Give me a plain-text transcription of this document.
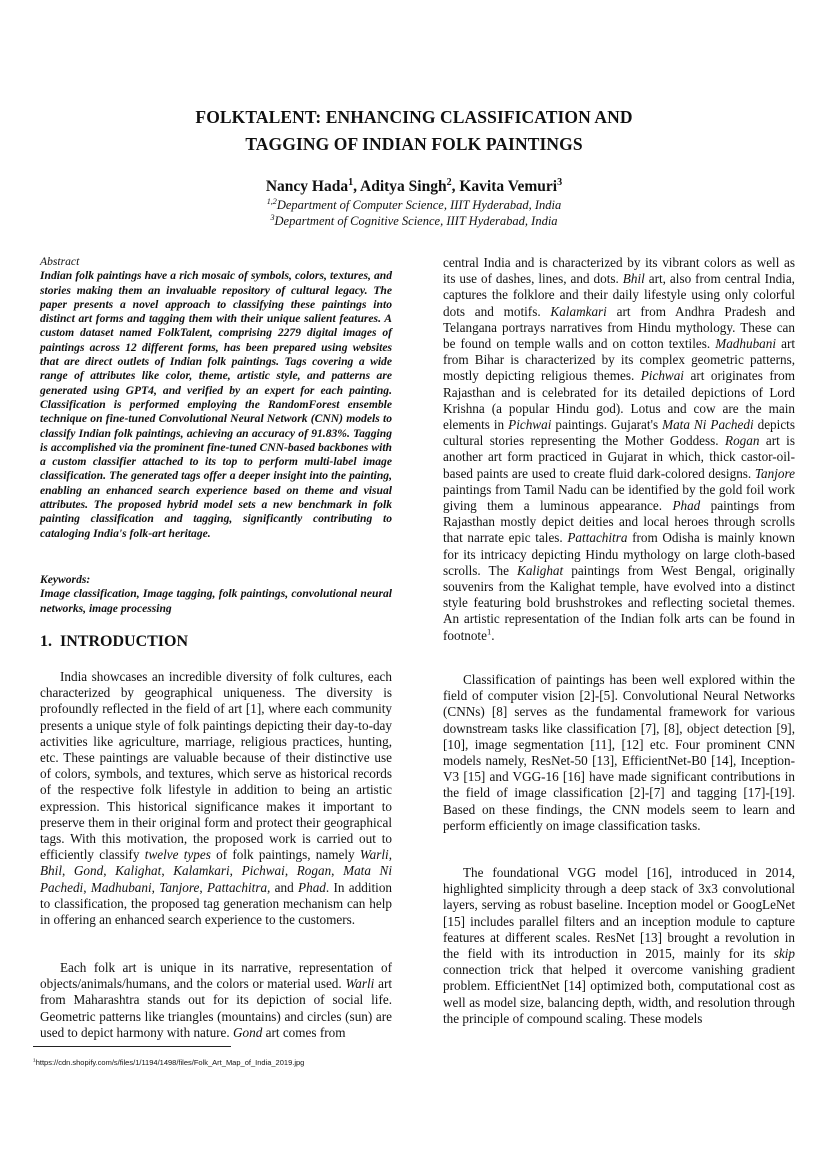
FOLKTALENT: ENHANCING CLASSIFICATION AND
TAGGING OF INDIAN FOLK PAINTINGS
Nancy Hada$^1$, Aditya Singh$^2$, Kavita Vemuri$^3$
$^{1,2}$Department of Computer Science, IIIT Hyderabad, India
$^3$Department of Cognitive Science, IIIT Hyderabad, India

Abstract

Indian folk paintings have a rich mosaic of symbols, colors, textures, and stories making them an invaluable repository of cultural legacy. The paper presents a novel approach to classifying these paintings into distinct art forms and tagging them with their unique salient features. A custom dataset named FolkTalent, comprising 2279 digital images of paintings across 12 different forms, has been prepared using websites that are direct outlets of Indian folk paintings. Tags covering a wide range of attributes like color, theme, artistic style, and patterns are generated using GPT4, and verified by an expert for each painting. Classification is performed employing the RandomForest ensemble technique on fine-tuned Convolutional Neural Network (CNN) models to classify Indian folk paintings, achieving an accuracy of 91.83%. Tagging is accomplished via the prominent fine-tuned CNN-based backbones with a custom classifier attached to its top to perform multi-label image classification. The generated tags offer a deeper insight into the painting, enabling an enhanced search experience based on theme and visual attributes. The proposed hybrid model sets a new benchmark in folk painting classification and tagging, significantly contributing to cataloging India's folk-art heritage.

Keywords:

Image classification, Image tagging, folk paintings, convolutional neural networks, image processing

1. INTRODUCTION

India showcases an incredible diversity of folk cultures, each characterized by geographical uniqueness. The diversity is profoundly reflected in the field of art [1], where each community presents a unique style of folk paintings depicting their day-to-day activities like agriculture, marriage, religious practices, hunting, etc. These paintings are valuable because of their distinctive use of colors, symbols, and textures, which serve as historical records of the respective folk lifestyle in addition to being an artistic expression. This historical significance makes it important to preserve them in their original form and protect their geographical tags. With this motivation, the proposed work is carried out to efficiently classify twelve types of folk paintings, namely Warli, Bhil, Gond, Kalighat, Kalamkari, Pichwai, Rogan, Mata Ni Pachedi, Madhubani, Tanjore, Pattachitra, and Phad. In addition to classification, the proposed tag generation mechanism can help in offering an enhanced search experience to the customers.

Each folk art is unique in its narrative, representation of objects/animals/humans, and the colors or material used. Warli art from Maharashtra stands out for its depiction of social life. Geometric patterns like triangles (mountains) and circles (sun) are used to depict harmony with nature. Gond art comes from

central India and is characterized by its vibrant colors as well as its use of dashes, lines, and dots. Bhil art, also from central India, captures the folklore and their daily lifestyle using only colorful dots and motifs. Kalamkari art from Andhra Pradesh and Telangana portrays narratives from Hindu mythology. These can be found on temple walls and on cotton textiles. Madhubani art from Bihar is characterized by its complex geometric patterns, mostly depicting religious themes. Pichwai art originates from Rajasthan and is celebrated for its detailed depictions of Lord Krishna (a popular Hindu god). Lotus and cow are the main elements in Pichwai paintings. Gujarat's Mata Ni Pachedi depicts cultural stories representing the Mother Goddess. Rogan art is another art form practiced in Gujarat in which, thick castor-oil-based paints are used to create fluid dark-colored designs. Tanjore paintings from Tamil Nadu can be identified by the gold foil work giving them a luminous appearance. Phad paintings from Rajasthan mostly depict deities and local heroes through scrolls that narrate epic tales. Pattachitra from Odisha is mainly known for its intricacy depicting Hindu mythology on large cloth-based scrolls. The Kalighat paintings from West Bengal, originally souvenirs from the Kalighat temple, have evolved into a distinct style featuring bold brushstrokes and reflecting societal themes. An artistic representation of the Indian folk arts can be found in footnote$^1$.

Classification of paintings has been well explored within the field of computer vision [2]-[5]. Convolutional Neural Networks (CNNs) [8] serves as the fundamental framework for various downstream tasks like classification [7], [8], object detection [9], [10], image segmentation [11], [12] etc. Four prominent CNN models namely, ResNet-50 [13], EfficientNet-B0 [14], Inception-V3 [15] and VGG-16 [16] have made significant contributions in the field of image classification [2]-[7] and tagging [17]-[19]. Based on these findings, the CNN models seem to learn and perform efficiently on image classification tasks.

The foundational VGG model [16], introduced in 2014, highlighted simplicity through a deep stack of 3x3 convolutional layers, serving as robust baseline. Inception model or GoogLeNet [15] includes parallel filters and an inception module to capture features at different scales. ResNet [13] brought a revolution in the field with its introduction in 2015, mainly for its skip connection trick that helped it overcome vanishing gradient problem. EfficientNet [14] optimized both, computational cost as well as model size, balancing depth, width, and resolution through the principle of compound scaling. These models

$^1$https://cdn.shopify.com/s/files/1/1194/1498/files/Folk_Art_Map_of_India_2019.jpg
